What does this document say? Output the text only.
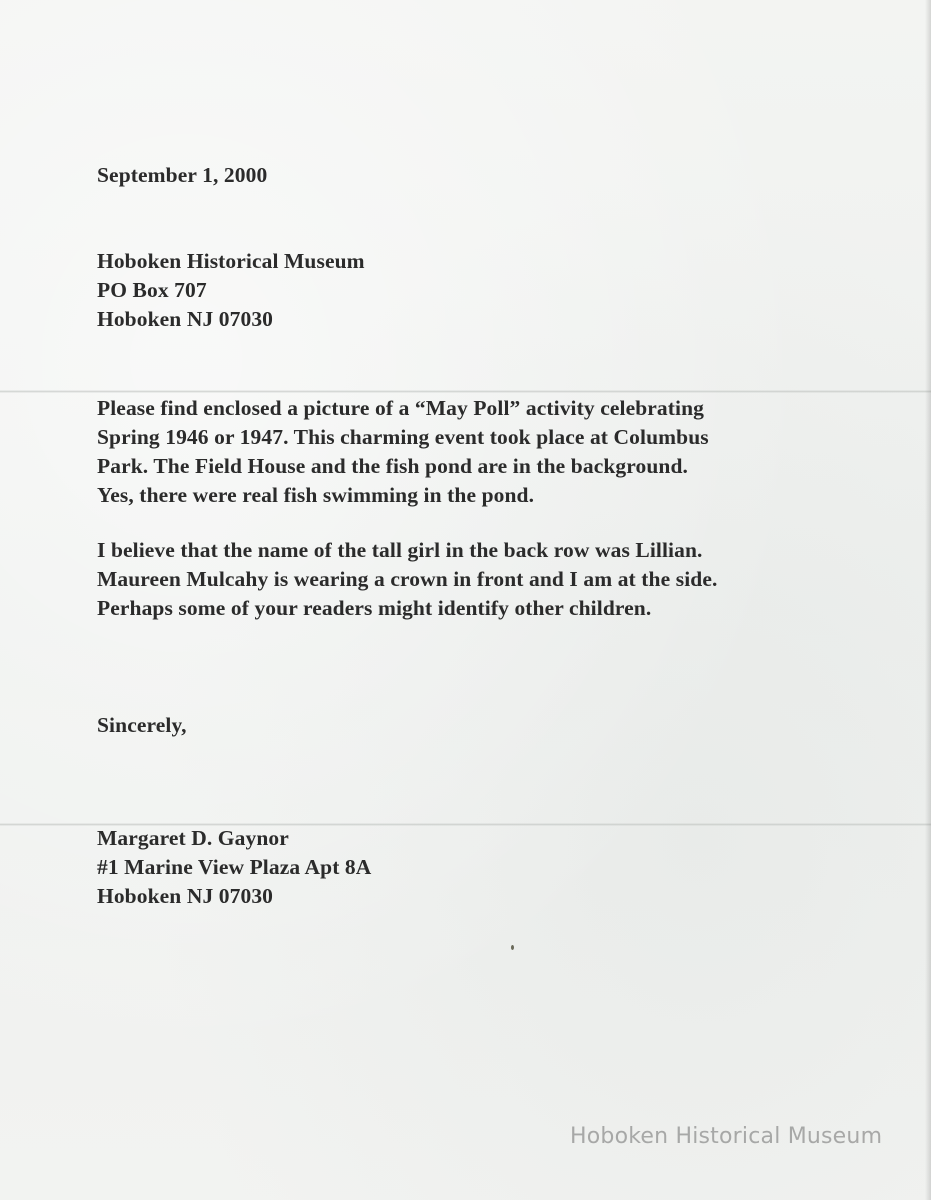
September 1, 2000
Hoboken Historical Museum
PO Box 707
Hoboken NJ 07030
Please find enclosed a picture of a “May Poll” activity celebrating
Spring 1946 or 1947. This charming event took place at Columbus
Park. The Field House and the fish pond are in the background.
Yes, there were real fish swimming in the pond.
I believe that the name of the tall girl in the back row was Lillian.
Maureen Mulcahy is wearing a crown in front and I am at the side.
Perhaps some of your readers might identify other children.
Sincerely,
Margaret D. Gaynor
#1 Marine View Plaza Apt 8A
Hoboken NJ 07030
Hoboken Historical Museum
